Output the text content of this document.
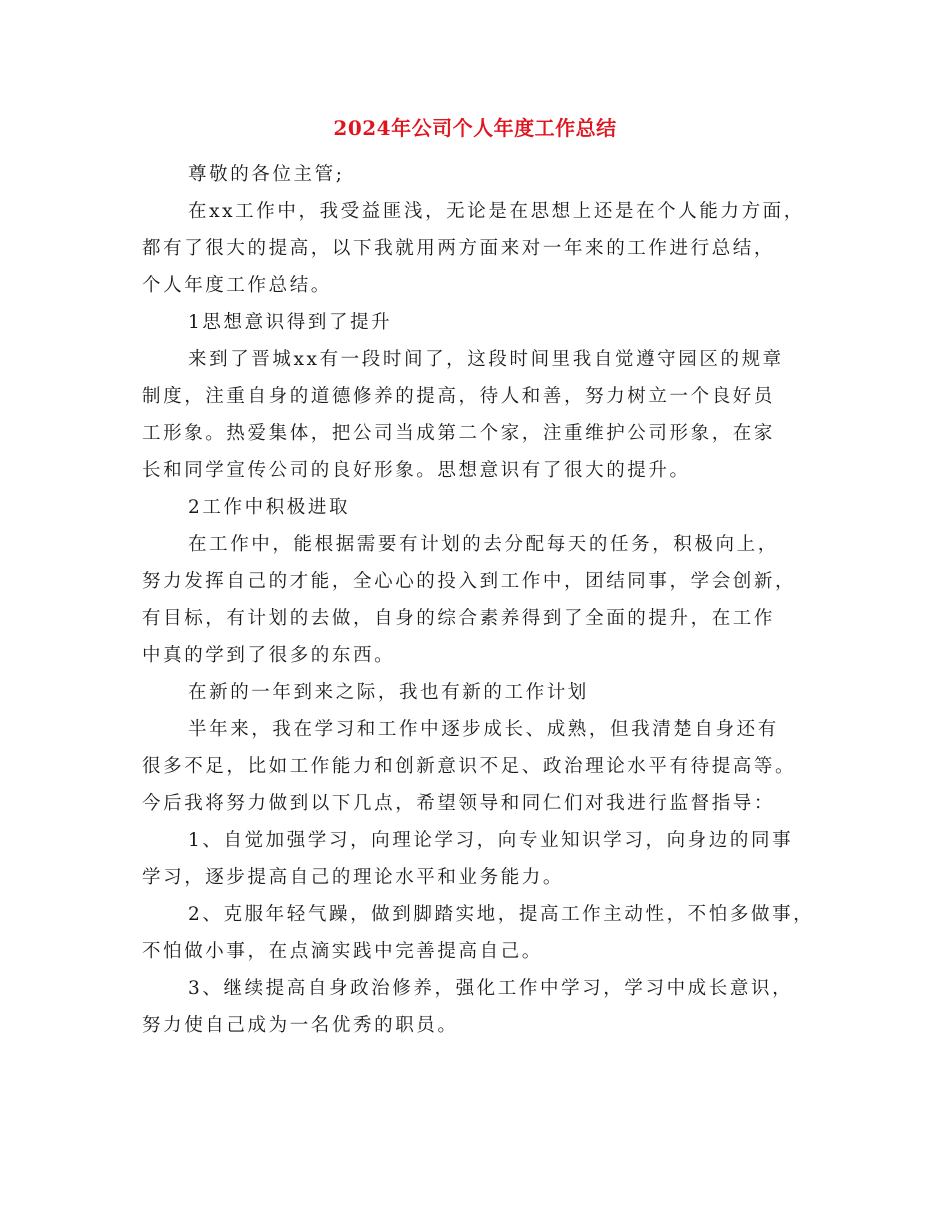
2024年公司个人年度工作总结
尊敬的各位主管;
在xx工作中，我受益匪浅，无论是在思想上还是在个人能力方面，
都有了很大的提高，以下我就用两方面来对一年来的工作进行总结，
个人年度工作总结。
1思想意识得到了提升
来到了晋城xx有一段时间了，这段时间里我自觉遵守园区的规章
制度，注重自身的道德修养的提高，待人和善，努力树立一个良好员
工形象。热爱集体，把公司当成第二个家，注重维护公司形象，在家
长和同学宣传公司的良好形象。思想意识有了很大的提升。
2工作中积极进取
在工作中，能根据需要有计划的去分配每天的任务，积极向上，
努力发挥自己的才能，全心心的投入到工作中，团结同事，学会创新，
有目标，有计划的去做，自身的综合素养得到了全面的提升，在工作
中真的学到了很多的东西。
在新的一年到来之际，我也有新的工作计划
半年来，我在学习和工作中逐步成长、成熟，但我清楚自身还有
很多不足，比如工作能力和创新意识不足、政治理论水平有待提高等。
今后我将努力做到以下几点，希望领导和同仁们对我进行监督指导：
1、自觉加强学习，向理论学习，向专业知识学习，向身边的同事
学习，逐步提高自己的理论水平和业务能力。
2、克服年轻气躁，做到脚踏实地，提高工作主动性，不怕多做事，
不怕做小事，在点滴实践中完善提高自己。
3、继续提高自身政治修养，强化工作中学习，学习中成长意识，
努力使自己成为一名优秀的职员。
